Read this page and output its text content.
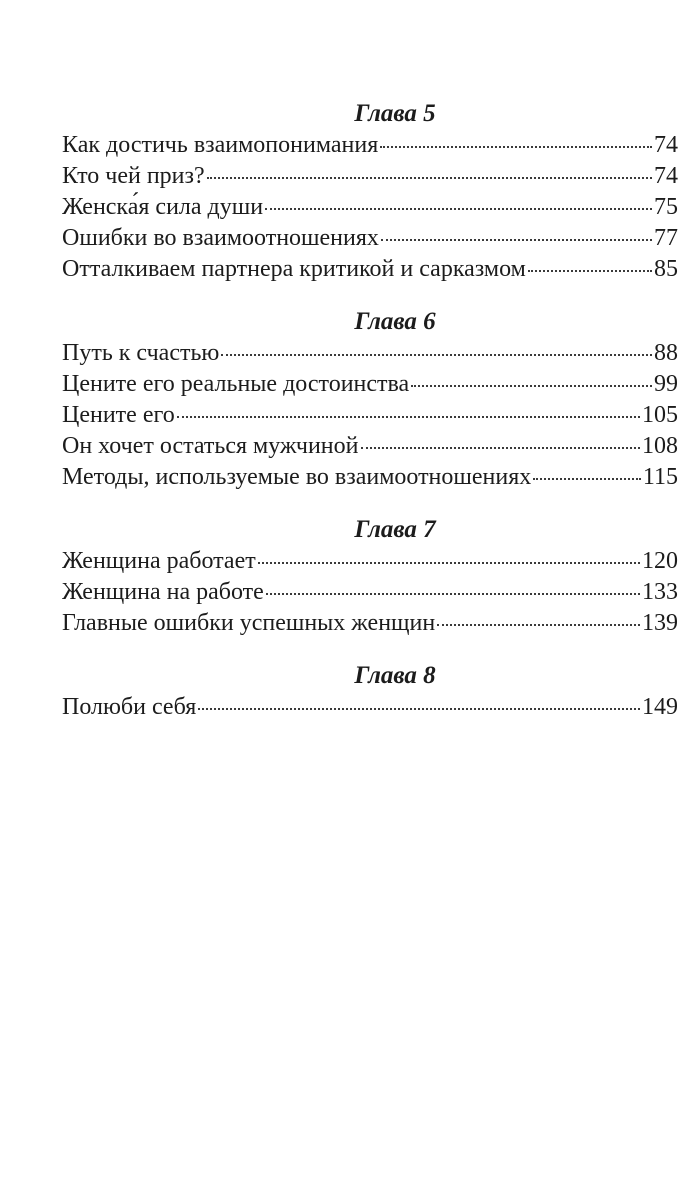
Глава 5
Как достичь взаимопонимания	74
Кто чей приз?	74
Женска́я сила души	75
Ошибки во взаимоотношениях	77
Отталкиваем партнера критикой и сарказмом	85
Глава 6
Путь к счастью	88
Цените его реальные достоинства	99
Цените его	105
Он хочет остаться мужчиной	108
Методы, используемые во взаимоотношениях	115
Глава 7
Женщина работает	120
Женщина на работе	133
Главные ошибки успешных женщин	139
Глава 8
Полюби себя	149
